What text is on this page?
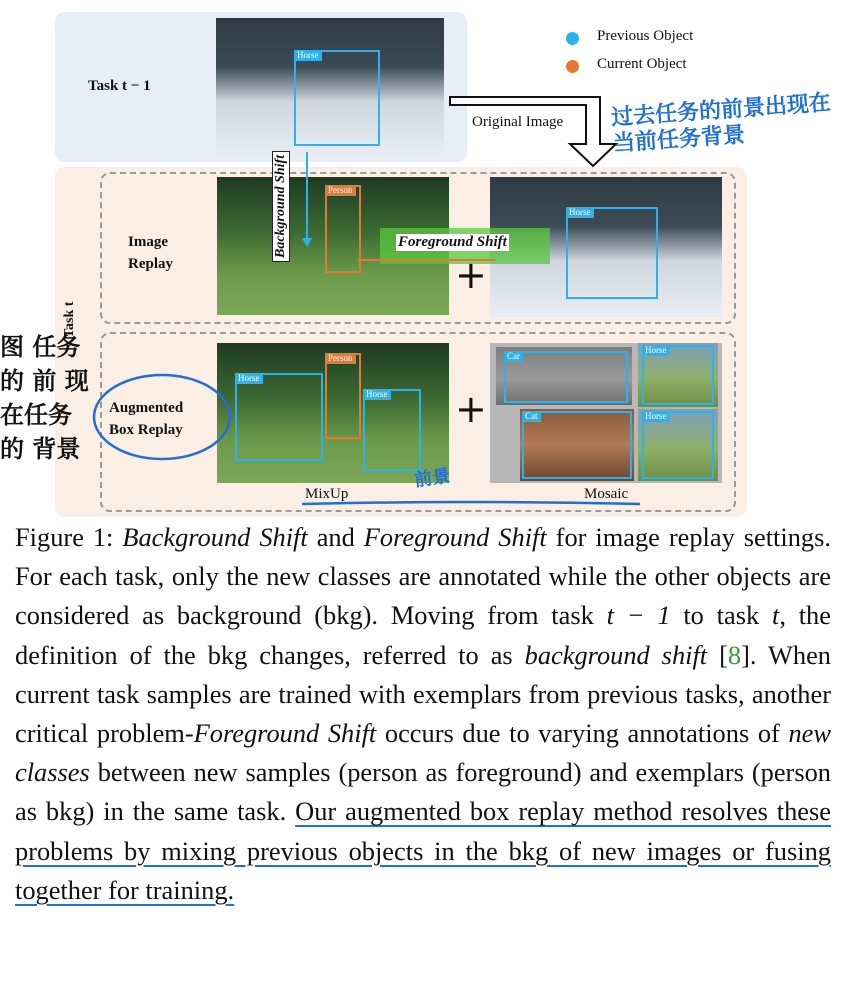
Task t − 1
Horse
Previous Object
Current Object
Original Image
Task t
Image
Replay
Person
Horse
Background Shift	Foreground Shift
+
Augmented
Box Replay
Horse
Person
Horse
MixUp
+
Car
Horse
Cat	Horse
Mosaic
过去任务的前景出现在当前任务背景
图 任务的 前 现在任务 的 背景
前景

Figure 1: Background Shift and Foreground Shift for image replay settings. For each task, only the new classes are annotated while the other objects are considered as background (bkg). Moving from task t − 1 to task t, the definition of the bkg changes, referred to as background shift [8]. When current task samples are trained with exemplars from previous tasks, another critical problem-Foreground Shift occurs due to varying annotations of new classes between new samples (person as foreground) and exemplars (person as bkg) in the same task. Our augmented box replay method resolves these problems by mixing previous objects in the bkg of new images or fusing together for training.
